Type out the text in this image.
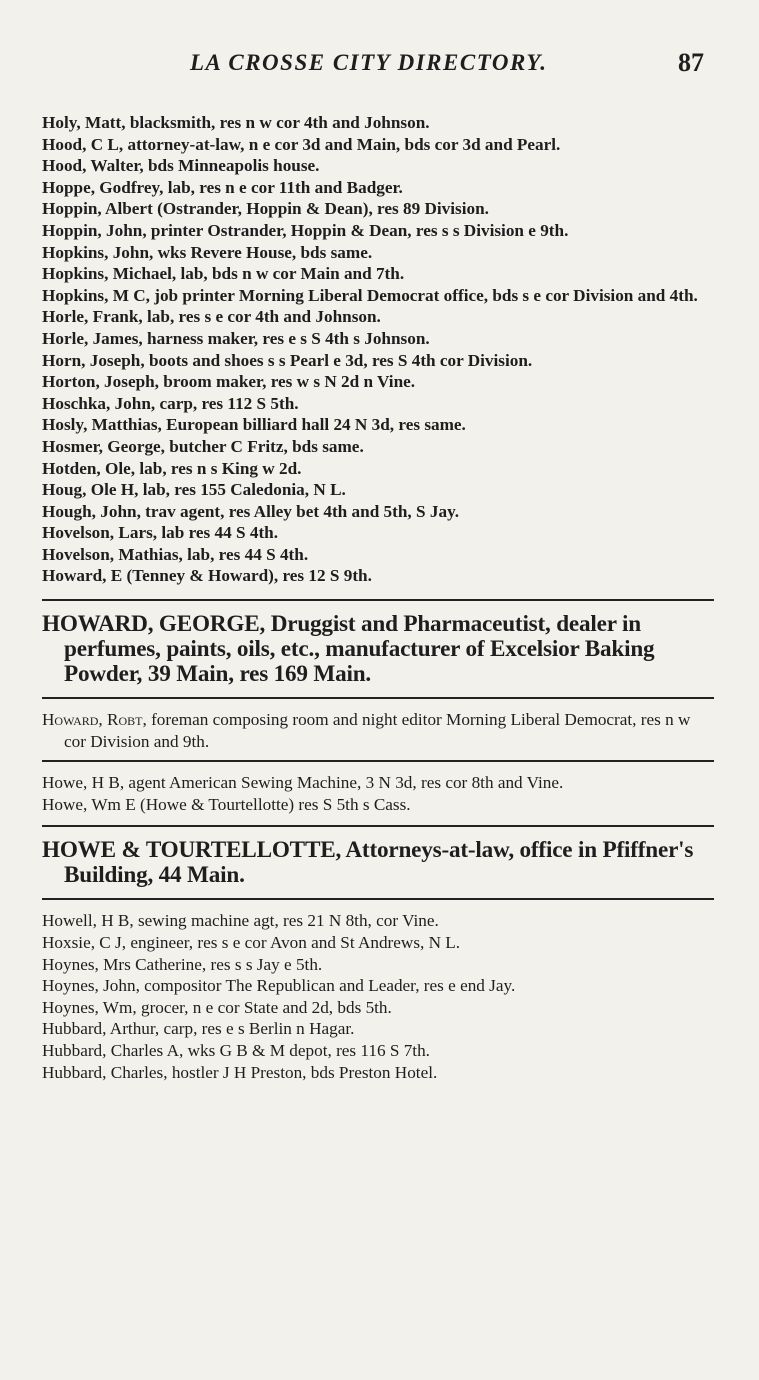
LA CROSSE CITY DIRECTORY.	87
Holy, Matt, blacksmith, res n w cor 4th and Johnson.
Hood, C L, attorney-at-law, n e cor 3d and Main, bds cor 3d and Pearl.
Hood, Walter, bds Minneapolis house.
Hoppe, Godfrey, lab, res n e cor 11th and Badger.
Hoppin, Albert (Ostrander, Hoppin & Dean), res 89 Division.
Hoppin, John, printer Ostrander, Hoppin & Dean, res s s Division e 9th.
Hopkins, John, wks Revere House, bds same.
Hopkins, Michael, lab, bds n w cor Main and 7th.
Hopkins, M C, job printer Morning Liberal Democrat office, bds s e cor Division and 4th.
Horle, Frank, lab, res s e cor 4th and Johnson.
Horle, James, harness maker, res e s S 4th s Johnson.
Horn, Joseph, boots and shoes s s Pearl e 3d, res S 4th cor Division.
Horton, Joseph, broom maker, res w s N 2d n Vine.
Hoschka, John, carp, res 112 S 5th.
Hosly, Matthias, European billiard hall 24 N 3d, res same.
Hosmer, George, butcher C Fritz, bds same.
Hotden, Ole, lab, res n s King w 2d.
Houg, Ole H, lab, res 155 Caledonia, N L.
Hough, John, trav agent, res Alley bet 4th and 5th, S Jay.
Hovelson, Lars, lab res 44 S 4th.
Hovelson, Mathias, lab, res 44 S 4th.
Howard, E (Tenney & Howard), res 12 S 9th.
HOWARD, GEORGE, Druggist and Pharmaceutist, dealer in perfumes, paints, oils, etc., manufacturer of Excelsior Baking Powder, 39 Main, res 169 Main.
Howard, Robt, foreman composing room and night editor Morning Liberal Democrat, res n w cor Division and 9th.
Howe, H B, agent American Sewing Machine, 3 N 3d, res cor 8th and Vine.
Howe, Wm E (Howe & Tourtellotte) res S 5th s Cass.
HOWE & TOURTELLOTTE, Attorneys-at-law, office in Pfiffner's Building, 44 Main.
Howell, H B, sewing machine agt, res 21 N 8th, cor Vine.
Hoxsie, C J, engineer, res s e cor Avon and St Andrews, N L.
Hoynes, Mrs Catherine, res s s Jay e 5th.
Hoynes, John, compositor The Republican and Leader, res e end Jay.
Hoynes, Wm, grocer, n e cor State and 2d, bds 5th.
Hubbard, Arthur, carp, res e s Berlin n Hagar.
Hubbard, Charles A, wks G B & M depot, res 116 S 7th.
Hubbard, Charles, hostler J H Preston, bds Preston Hotel.
